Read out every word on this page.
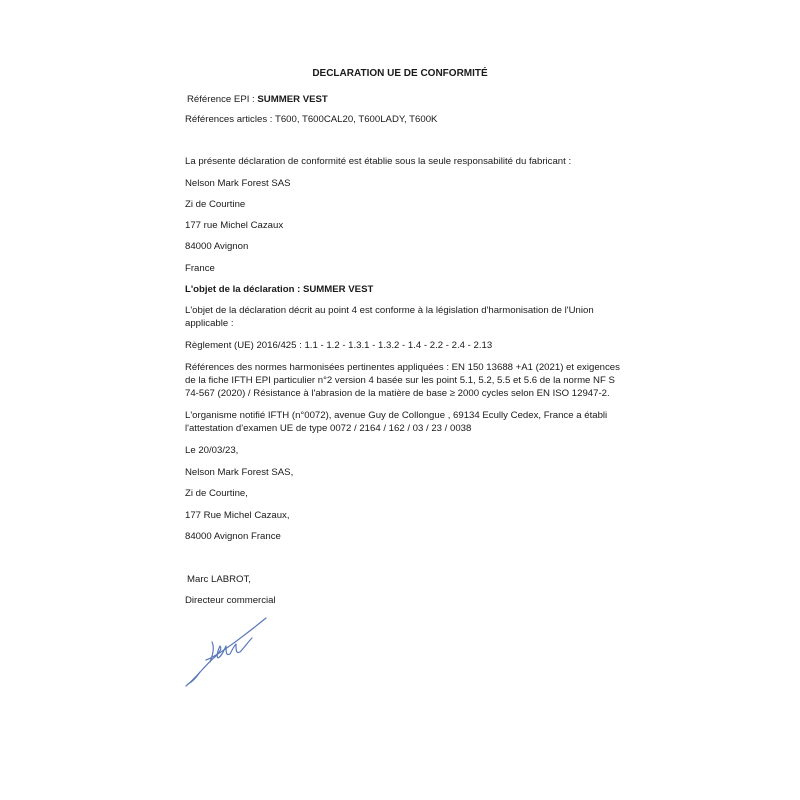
DECLARATION UE DE CONFORMITÉ
Référence EPI : SUMMER VEST
Références articles : T600, T600CAL20, T600LADY, T600K
La présente déclaration de conformité est établie sous la seule responsabilité du fabricant :
Nelson Mark Forest SAS
Zi de Courtine
177 rue Michel Cazaux
84000 Avignon
France
L'objet de la déclaration : SUMMER VEST
L'objet de la déclaration décrit au point 4 est conforme à la législation d'harmonisation de l'Union applicable :
Règlement (UE) 2016/425 : 1.1 - 1.2 - 1.3.1 - 1.3.2 - 1.4 - 2.2 - 2.4 - 2.13
Références des normes harmonisées pertinentes appliquées : EN 150 13688 +A1 (2021) et exigences de la fiche IFTH EPI particulier n°2 version 4 basée sur les point 5.1, 5.2, 5.5 et 5.6 de la norme NF S 74-567 (2020) / Résistance à l'abrasion de la matière de base ≥ 2000 cycles selon EN ISO 12947-2.
L'organisme notifié IFTH (n°0072), avenue Guy de Collongue , 69134 Ecully Cedex, France a établi l'attestation d'examen UE de type 0072 / 2164 / 162 / 03 / 23 / 0038
Le 20/03/23,
Nelson Mark Forest SAS,
Zi de Courtine,
177 Rue Michel Cazaux,
84000 Avignon France
Marc LABROT,
Directeur commercial
